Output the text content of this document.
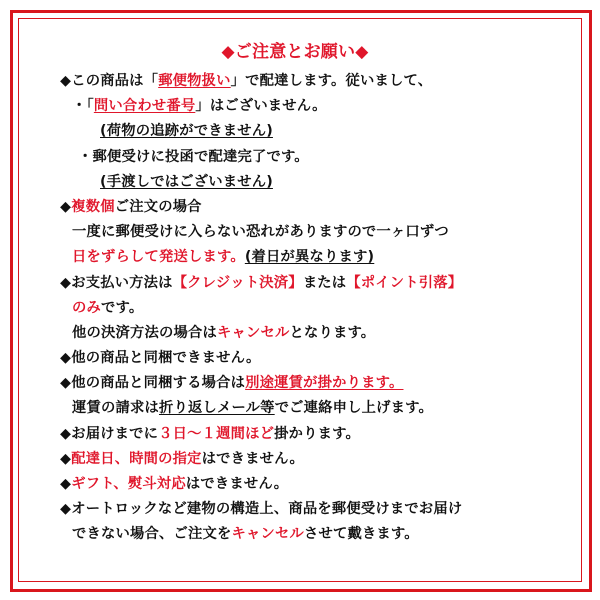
◆ご注意とお願い◆
◆この商品は「郵便物扱い」で配達します。従いまして、
・「問い合わせ番号」はございません。
(荷物の追跡ができません)
・郵便受けに投函で配達完了です。
(手渡しではございません)
◆複数個ご注文の場合
一度に郵便受けに入らない恐れがありますので一ヶ口ずつ
日をずらして発送します。(着日が異なります)
◆お支払い方法は【クレジット決済】または【ポイント引落】
のみです。
他の決済方法の場合はキャンセルとなります。
◆他の商品と同梱できません。
◆他の商品と同梱する場合は別途運賃が掛かります。
運賃の請求は折り返しメール等でご連絡申し上げます。
◆お届けまでに３日～１週間ほど掛かります。
◆配達日、時間の指定はできません。
◆ギフト、熨斗対応はできません。
◆オートロックなど建物の構造上、商品を郵便受けまでお届け
できない場合、ご注文をキャンセルさせて戴きます。
